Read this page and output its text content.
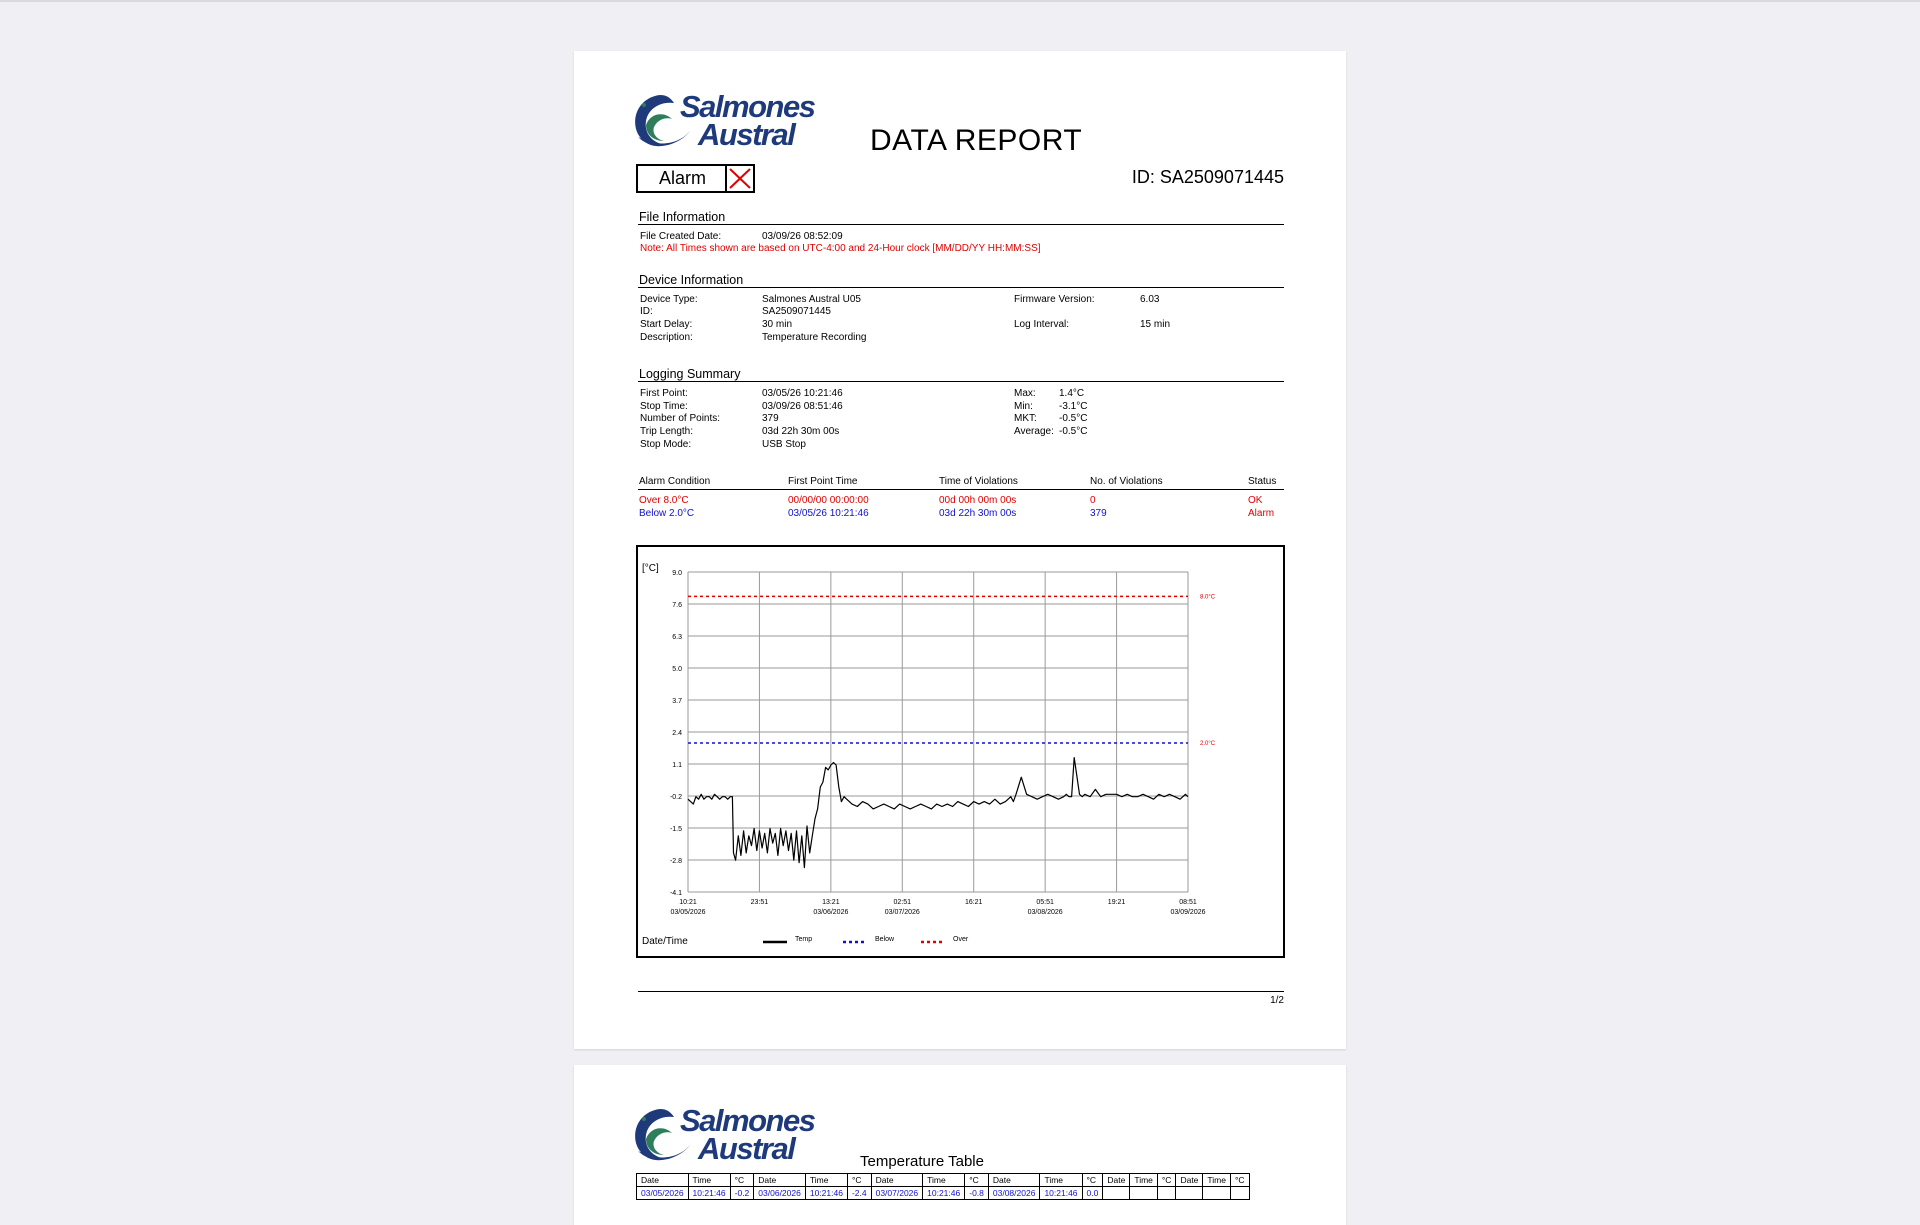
Salmones
Austral	DATA REPORT
Alarm	ID: SA2509071445
File Information
File Created Date:	03/09/26 08:52:09
Note: All Times shown are based on UTC-4:00 and 24-Hour clock [MM/DD/YY HH:MM:SS]
Device Information
Device Type:	Salmones Austral U05
ID:	SA2509071445
Start Delay:	30 min
Description:	Temperature Recording
Firmware Version:	6.03
Log Interval:	15 min
Logging Summary
First Point:	03/05/26 10:21:46
Stop Time:	03/09/26 08:51:46
Number of Points:	379
Trip Length:	03d 22h 30m 00s
Stop Mode:	USB Stop
Max: 1.4°C
Min:	-3.1°C
MKT: -0.5°C
Average: -0.5°C
Alarm Condition	First Point Time	Time of Violations	No. of Violations	Status
Over 8.0°C	00/00/00 00:00:00	00d 00h 00m 00s	0	OK
Below 2.0°C	03/05/26 10:21:46	03d 22h 30m 00s	379	Alarm
[°C]
Date/Time
9.0
7.6
6.3
5.0
3.7
2.4
1.1
-0.2
-1.5
-2.8
-4.1
10:21
03/05/2026
23:51	13:21
03/06/2026
02:51
03/07/2026
16:21	05:51
03/08/2026
19:21	08:51
03/09/2026
8.0°C
2.0°C
Temp	Below	Over
1/2
Salmones
Austral	Temperature Table
Date	Time	°C	Date	Time	°C	Date	Time	°C	Date	Time	°C	Date	Time	°C	Date	Time	°C
03/05/2026	10:21:46	-0.2	03/06/2026	10:21:46	-2.4	03/07/2026	10:21:46	-0.8	03/08/2026	10:21:46	0.0						
